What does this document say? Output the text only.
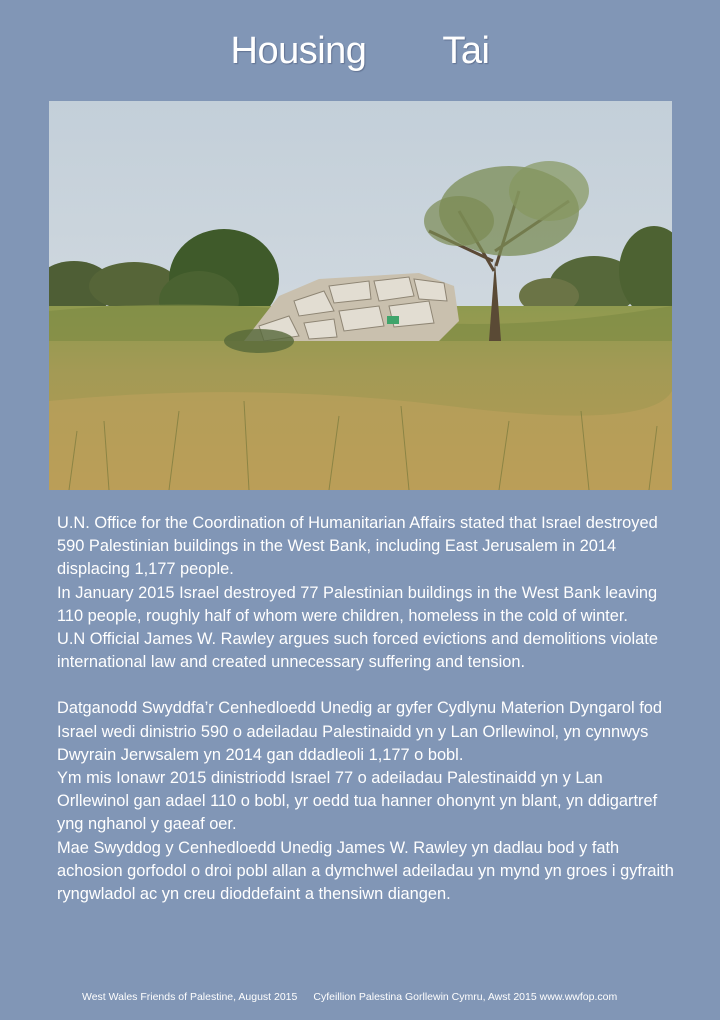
Housing Tai

U.N. Office for the Coordination of Humanitarian Affairs stated that Israel destroyed 590 Palestinian buildings in the West Bank, including East Jerusalem in 2014 displacing 1,177 people.

In January 2015 Israel destroyed 77 Palestinian buildings in the West Bank leaving 110 people, roughly half of whom were children, homeless in the cold of winter.

U.N Official James W. Rawley argues such forced evictions and demolitions violate international law and created unnecessary suffering and tension.

Datganodd Swyddfa’r Cenhedloedd Unedig ar gyfer Cydlynu Materion Dyngarol fod Israel wedi dinistrio 590 o adeiladau Palestinaidd yn y Lan Orllewinol, yn cynnwys Dwyrain Jerwsalem yn 2014 gan ddadleoli 1,177 o bobl.

Ym mis Ionawr 2015 dinistriodd Israel 77 o adeiladau Palestinaidd yn y Lan Orllewinol gan adael 110 o bobl, yr oedd tua hanner ohonynt yn blant, yn ddigartref yng nghanol y gaeaf oer.

Mae Swyddog y Cenhedloedd Unedig James W. Rawley yn dadlau bod y fath achosion gorfodol o droi pobl allan a dymchwel adeiladau yn mynd yn groes i gyfraith ryngwladol ac yn creu dioddefaint a thensiwn diangen.

West Wales Friends of Palestine, August 2015 Cyfeillion Palestina Gorllewin Cymru, Awst 2015 www.wwfop.com
